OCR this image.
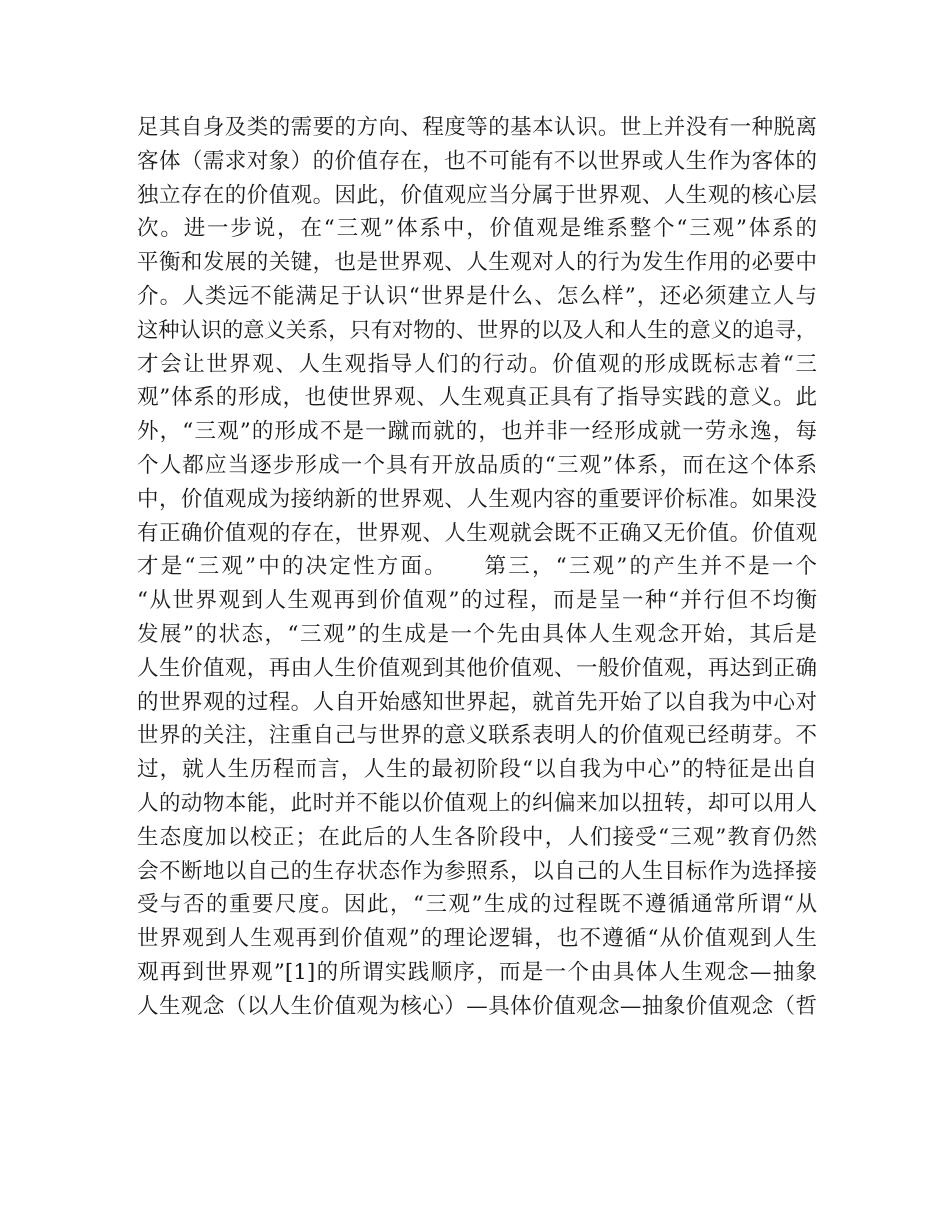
足其自身及类的需要的方向、程度等的基本认识。世上并没有一种脱离
客体（需求对象）的价值存在，也不可能有不以世界或人生作为客体的
独立存在的价值观。因此，价值观应当分属于世界观、人生观的核心层
次。进一步说，在“三观”体系中，价值观是维系整个“三观”体系的
平衡和发展的关键，也是世界观、人生观对人的行为发生作用的必要中
介。人类远不能满足于认识“世界是什么、怎么样”，还必须建立人与
这种认识的意义关系，只有对物的、世界的以及人和人生的意义的追寻，
才会让世界观、人生观指导人们的行动。价值观的形成既标志着“三
观”体系的形成，也使世界观、人生观真正具有了指导实践的意义。此
外，“三观”的形成不是一蹴而就的，也并非一经形成就一劳永逸，每
个人都应当逐步形成一个具有开放品质的“三观”体系，而在这个体系
中，价值观成为接纳新的世界观、人生观内容的重要评价标准。如果没
有正确价值观的存在，世界观、人生观就会既不正确又无价值。价值观
才是“三观”中的决定性方面。　　第三，“三观”的产生并不是一个
“从世界观到人生观再到价值观”的过程，而是呈一种“并行但不均衡
发展”的状态，“三观”的生成是一个先由具体人生观念开始，其后是
人生价值观，再由人生价值观到其他价值观、一般价值观，再达到正确
的世界观的过程。人自开始感知世界起，就首先开始了以自我为中心对
世界的关注，注重自己与世界的意义联系表明人的价值观已经萌芽。不
过，就人生历程而言，人生的最初阶段“以自我为中心”的特征是出自
人的动物本能，此时并不能以价值观上的纠偏来加以扭转，却可以用人
生态度加以校正；在此后的人生各阶段中，人们接受“三观”教育仍然
会不断地以自己的生存状态作为参照系，以自己的人生目标作为选择接
受与否的重要尺度。因此，“三观”生成的过程既不遵循通常所谓“从
世界观到人生观再到价值观”的理论逻辑，也不遵循“从价值观到人生
观再到世界观”[1]的所谓实践顺序，而是一个由具体人生观念—抽象
人生观念（以人生价值观为核心）—具体价值观念—抽象价值观念（哲
